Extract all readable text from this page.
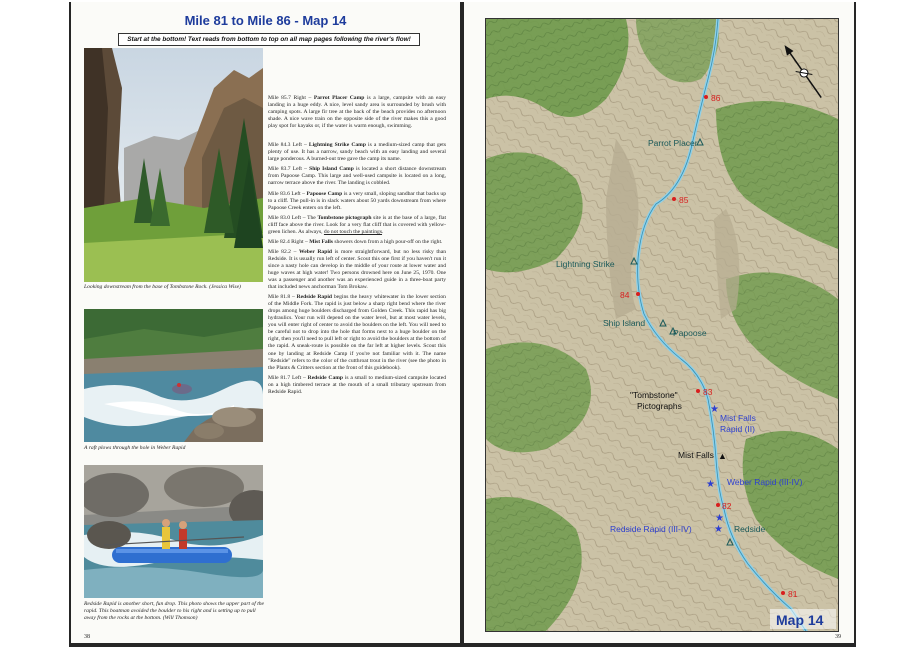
Mile 81 to Mile 86 - Map 14
Start at the bottom! Text reads from bottom to top on all map pages following the river's flow!
Looking downstream from the base of Tombstone Rock. (Jessica Wise)
A raft plows through the hole in Weber Rapid
Redside Rapid is another short, fun drop. This photo shows the upper part of the rapid. This boatman avoided the boulder to his right and is setting up to pull away from the rocks at the bottom. (Will Thomson)

Mile 85.7 Right – Parrot Placer Camp is a large, campsite with an easy landing in a huge eddy. A nice, level sandy area is surrounded by brush with camping spots. A large fir tree at the back of the beach provides no afternoon shade. A nice wave train on the opposite side of the river makes this a good play spot for kayaks or, if the water is warm enough, swimming.

Mile 84.3 Left – Lightning Strike Camp is a medium-sized camp that gets plenty of use. It has a narrow, sandy beach with an easy landing and several large ponderous. A burned-out tree gave the camp its name.

Mile 83.7 Left – Ship Island Camp is located a short distance downstream from Papoose Camp. This large and well-used campsite is located on a long, narrow terrace above the river. The landing is cobbled.

Mile 83.6 Left – Papoose Camp is a very small, sloping sandbar that backs up to a cliff. The pull-in is in slack waters about 50 yards downstream from where Papoose Creek enters on the left.

Mile 83.0 Left – The Tombstone pictograph site is at the base of a large, flat cliff face above the river. Look for a very flat cliff that is covered with yellow-green lichen. As always, do not touch the paintings.

Mile 82.4 Right – Mist Falls showers down from a high pour-off on the right.

Mile 82.2 – Weber Rapid is more straightforward, but no less risky than Redside. It is usually run left of center. Scout this one first if you haven't run it since a nasty hole can develop in the middle of your route at lower water and huge waves at high water! Two persons drowned here on June 25, 1970. One was a passenger and another was an experienced guide in a three-boat party that included news anchorman Tom Brokaw.

Mile 81.8 – Redside Rapid begins the heavy whitewater in the lower section of the Middle Fork. The rapid is just below a sharp right bend where the river drops among huge boulders discharged from Golden Creek. This rapid has big hydraulics. Your run will depend on the water level, but at most water levels, you will enter right of center to avoid the boulders on the left. You will need to be careful not to drop into the hole that forms next to a huge boulder on the right, then you'll need to pull left or right to avoid the boulders at the bottom of the rapid. A sneak-route is possible on the far left at higher levels. Scout this one by landing at Redside Camp if you're not familiar with it. The name "Redside" refers to the color of the cutthroat trout in the river (see the photo in the Plants & Critters section at the front of this guidebook).

Mile 81.7 Left – Redside Camp is a small to medium-sized campsite located on a high timbered terrace at the mouth of a small tributary upstream from Redside Rapid.

38
86
85
84
83
82
81
★
★
★
★
▲
Parrot Placer
Lightning Strike
Ship Island
Papoose
"Tombstone"
Pictographs
Mist Falls
Rapid (II)
Mist Falls
Weber Rapid (III-IV)
Redside Rapid (III-IV)	Redside
Map 14
39
